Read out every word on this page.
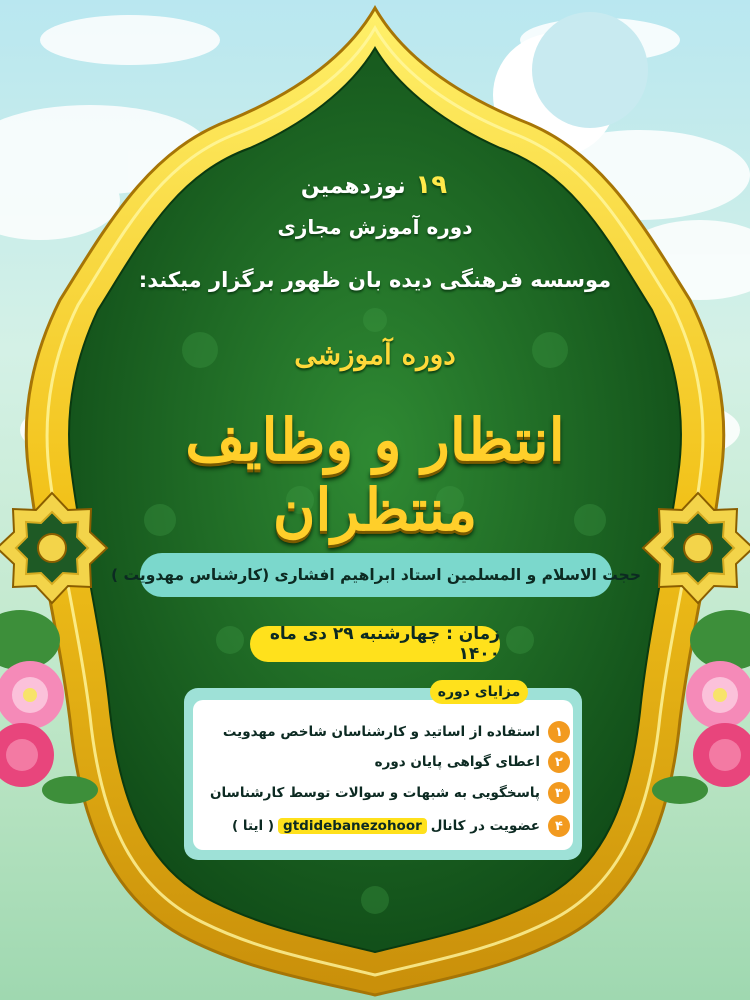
۱۹ نوزدهمین
دوره آموزش مجازی
موسسه فرهنگی دیده بان ظهور برگزار میکند:
دوره آموزشی
انتظار و وظایف منتظران
حجت الاسلام و المسلمین استاد ابراهیم افشاری (کارشناس مهدویت )
زمان : چهارشنبه ۲۹ دی ماه ۱۴۰۰
مزایای دوره
۱
استفاده از اساتید و کارشناسان شاخص مهدویت
۲
اعطای گواهی پایان دوره
۳
پاسخگویی به شبهات و سوالات توسط کارشناسان
۴
عضویت در کانال
gtdidebanezohoor
( ایتا )
